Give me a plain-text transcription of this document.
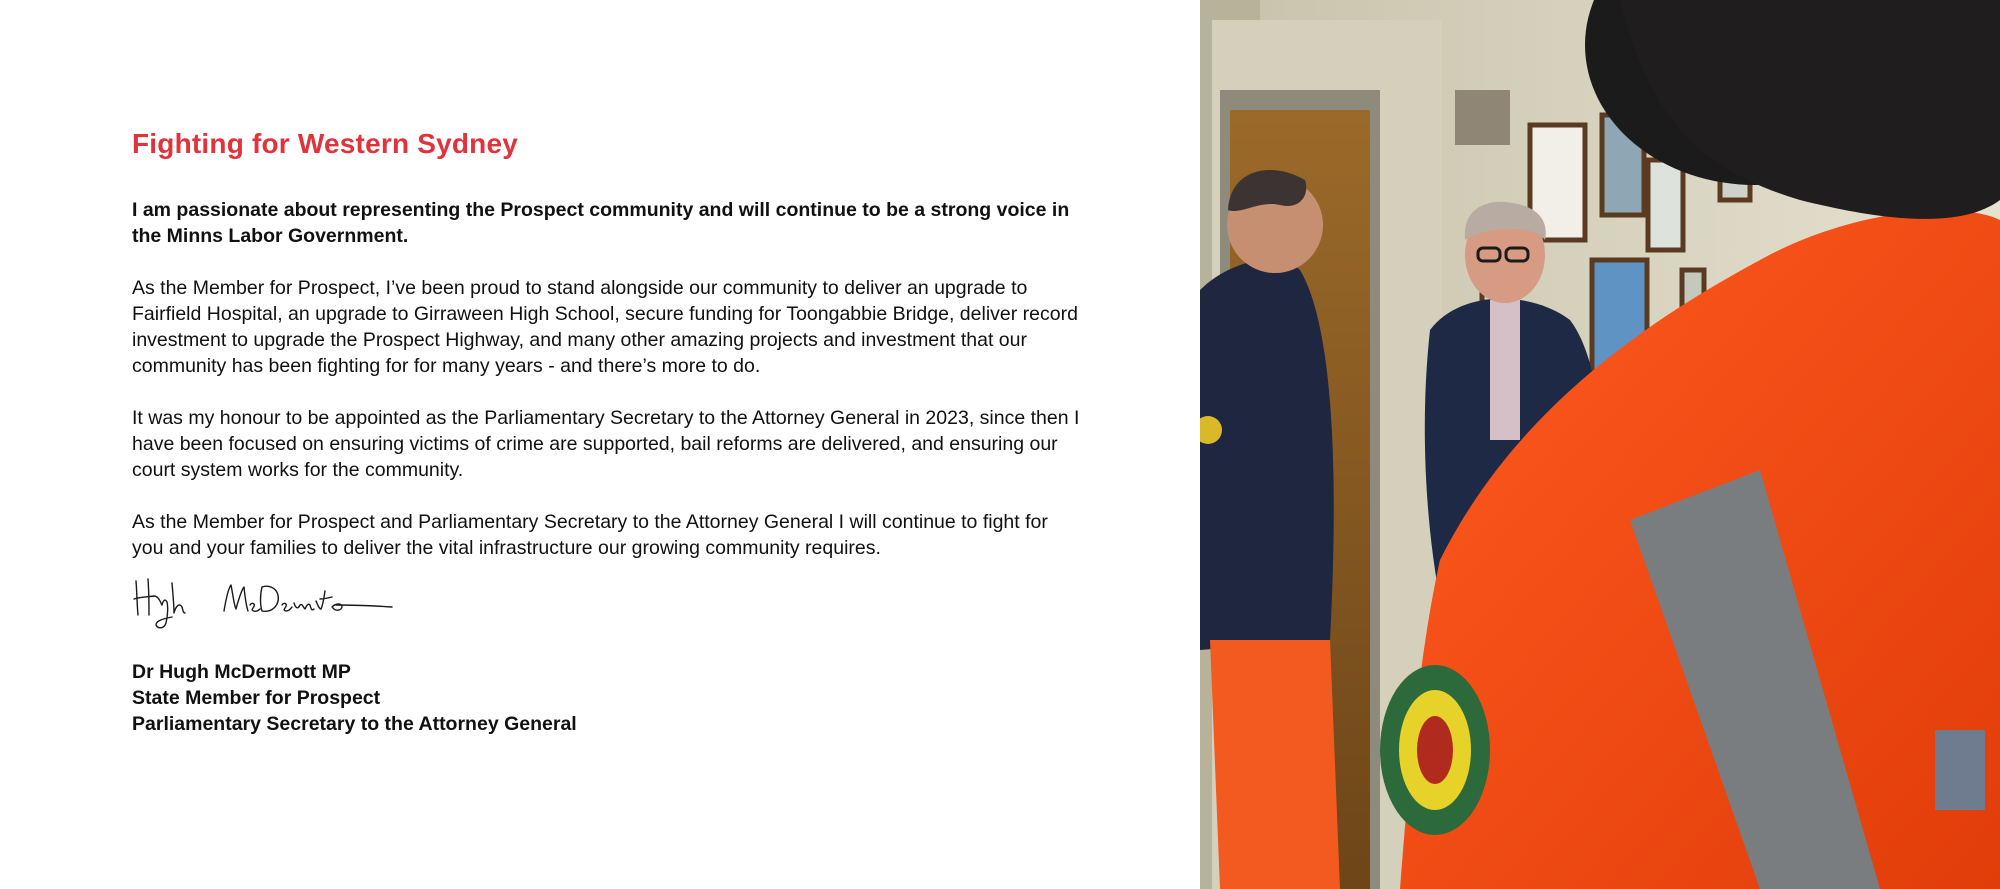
Fighting for Western Sydney

I am passionate about representing the Prospect community and will continue to be a strong voice in the Minns Labor Government.

As the Member for Prospect, I’ve been proud to stand alongside our community to deliver an upgrade to Fairfield Hospital, an upgrade to Girraween High School, secure funding for Toongabbie Bridge, deliver record investment to upgrade the Prospect Highway, and many other amazing projects and investment that our community has been fighting for for many years - and there’s more to do.

It was my honour to be appointed as the Parliamentary Secretary to the Attorney General in 2023, since then I have been focused on ensuring victims of crime are supported, bail reforms are delivered, and ensuring our court system works for the community.

As the Member for Prospect and Parliamentary Secretary to the Attorney General I will continue to fight for you and your families to deliver the vital infrastructure our growing community requires.

Dr Hugh McDermott MP
State Member for Prospect
Parliamentary Secretary to the Attorney General
